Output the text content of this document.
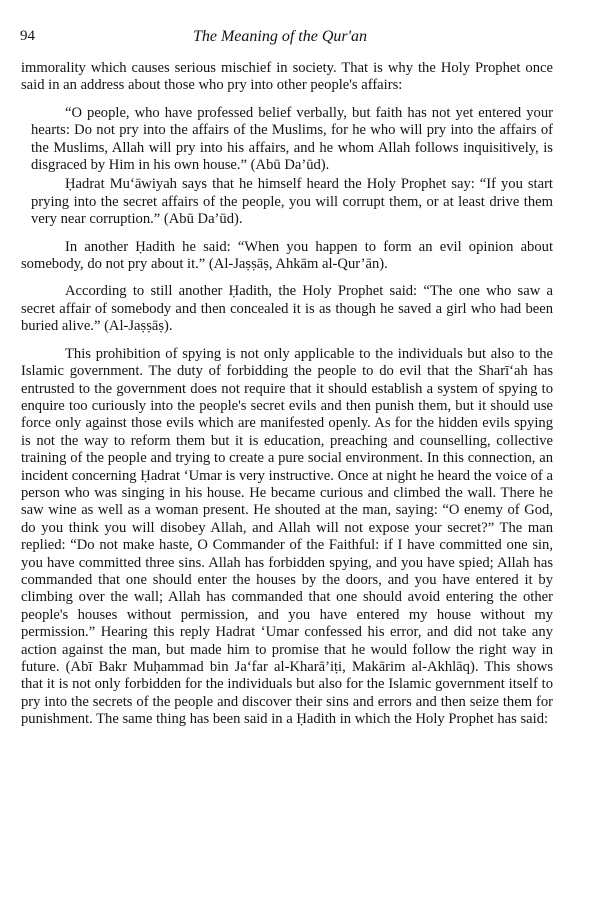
94	The Meaning of the Qur'an

immorality which causes serious mischief in society. That is why the Holy Prophet once said in an address about those who pry into other people's affairs:

“O people, who have professed belief verbally, but faith has not yet entered your hearts: Do not pry into the affairs of the Muslims, for he who will pry into the affairs of the Muslims, Allah will pry into his affairs, and he whom Allah follows inquisitively, is disgraced by Him in his own house.” (Abū Da’ūd).

Ḥadrat Mu‘āwiyah says that he himself heard the Holy Prophet say: “If you start prying into the secret affairs of the people, you will corrupt them, or at least drive them very near corruption.” (Abū Da’ūd).

In another Ḥadith he said: “When you happen to form an evil opinion about somebody, do not pry about it.” (Al-Jaṣṣāṣ, Ahkām al-Qur’ān).

According to still another Ḥadith, the Holy Prophet said: “The one who saw a secret affair of somebody and then concealed it is as though he saved a girl who had been buried alive.” (Al-Jaṣṣāṣ).

This prohibition of spying is not only applicable to the individuals but also to the Islamic government. The duty of forbidding the people to do evil that the Sharī‘ah has entrusted to the government does not require that it should establish a system of spying to enquire too curiously into the people's secret evils and then punish them, but it should use force only against those evils which are manifested openly. As for the hidden evils spying is not the way to reform them but it is education, preaching and counselling, collective training of the people and trying to create a pure social environment. In this connection, an incident concerning Ḥadrat ‘Umar is very instructive. Once at night he heard the voice of a person who was singing in his house. He became curious and climbed the wall. There he saw wine as well as a woman present. He shouted at the man, saying: “O enemy of God, do you think you will disobey Allah, and Allah will not expose your secret?” The man replied: “Do not make haste, O Commander of the Faithful: if I have committed one sin, you have committed three sins. Allah has forbidden spying, and you have spied; Allah has commanded that one should enter the houses by the doors, and you have entered it by climbing over the wall; Allah has commanded that one should avoid entering the other people's houses without permission, and you have entered my house without my permission.” Hearing this reply Hadrat ‘Umar confessed his error, and did not take any action against the man, but made him to promise that he would follow the right way in future. (Abī Bakr Muḥammad bin Ja‘far al-Kharā’iṭi, Makārim al-Akhlāq). This shows that it is not only forbidden for the individuals but also for the Islamic government itself to pry into the secrets of the people and discover their sins and errors and then seize them for punishment. The same thing has been said in a Ḥadith in which the Holy Prophet has said:
